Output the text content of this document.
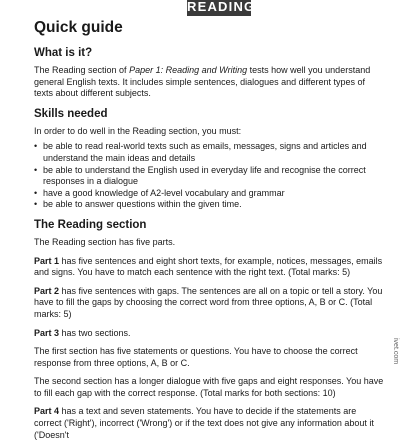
READING
Quick guide
What is it?

The Reading section of Paper 1: Reading and Writing tests how well you understand general English texts. It includes simple sentences, dialogues and different types of texts about different subjects.

Skills needed

In order to do well in the Reading section, you must:

• be able to read real-world texts such as emails, messages, signs and articles and understand the main ideas and details
• be able to understand the English used in everyday life and recognise the correct responses in a dialogue
• have a good knowledge of A2-level vocabulary and grammar
• be able to answer questions within the given time.
The Reading section

The Reading section has five parts.

Part 1 has five sentences and eight short texts, for example, notices, messages, emails and signs. You have to match each sentence with the right text. (Total marks: 5)

Part 2 has five sentences with gaps. The sentences are all on a topic or tell a story. You have to fill the gaps by choosing the correct word from three options, A, B or C. (Total marks: 5)

Part 3 has two sections.

The first section has five statements or questions. You have to choose the correct response from three options, A, B or C.

The second section has a longer dialogue with five gaps and eight responses. You have to fill each gap with the correct response. (Total marks for both sections: 10)

Part 4 has a text and seven statements. You have to decide if the statements are correct ('Right'), incorrect ('Wrong') or if the text does not give any information about it ('Doesn't

ivet.com
